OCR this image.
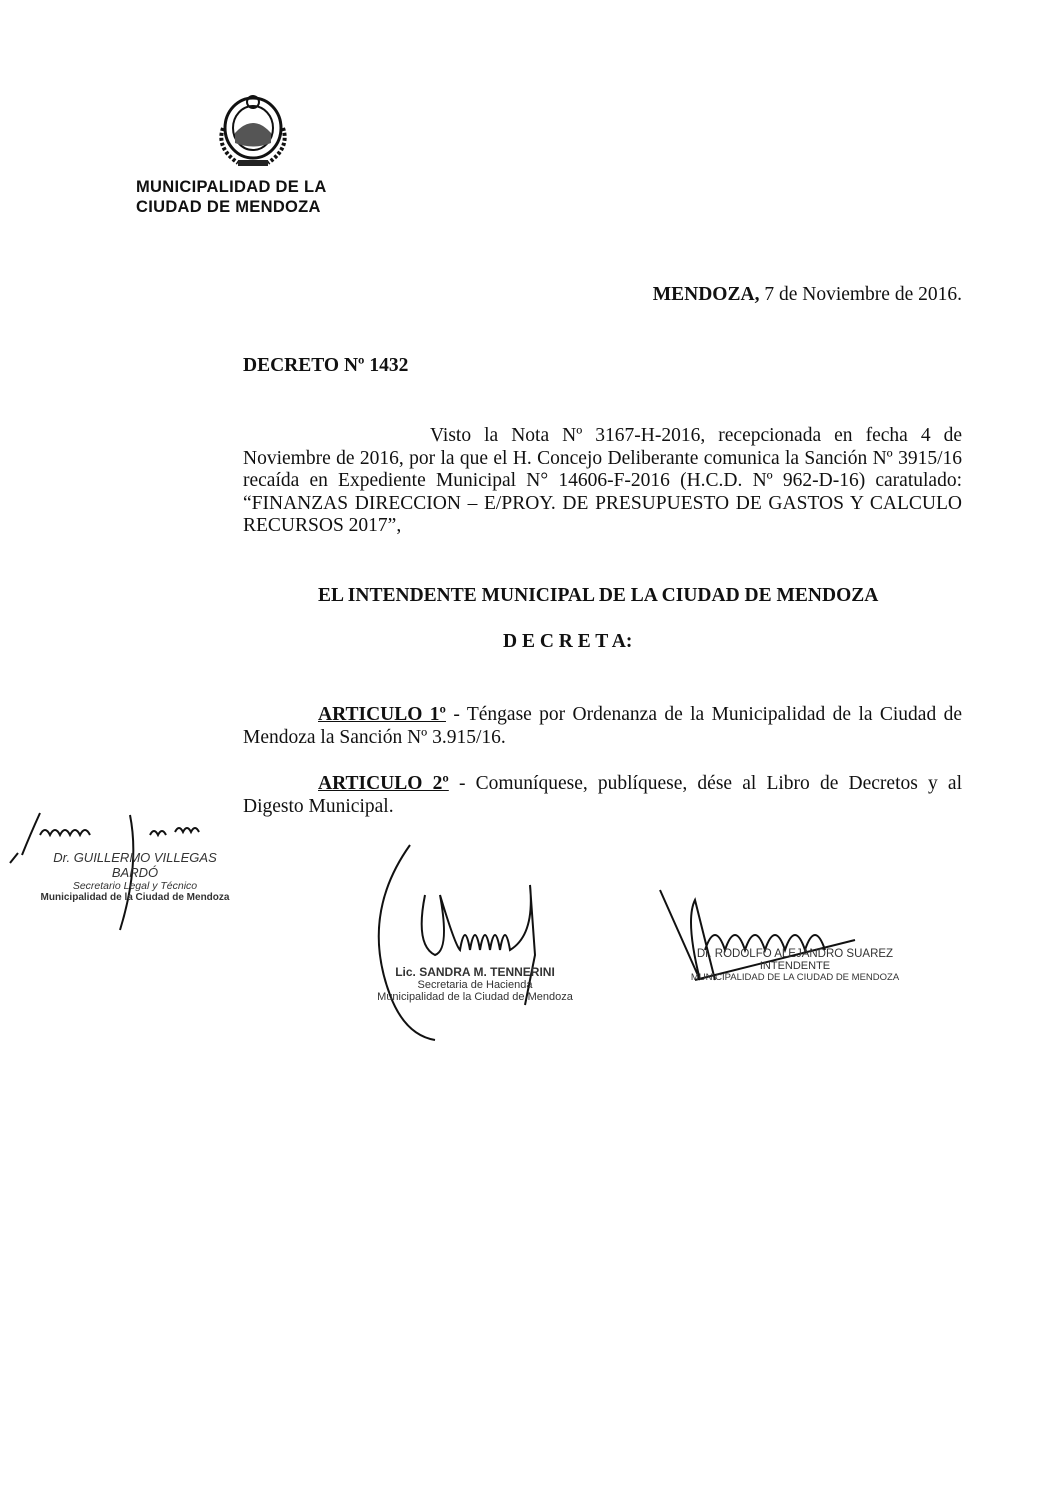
MUNICIPALIDAD DE LA
CIUDAD DE MENDOZA
MENDOZA, 7 de Noviembre de 2016.
DECRETO Nº 1432
Visto la Nota Nº 3167-H-2016, recepcionada en fecha 4 de Noviembre de 2016, por la que el H. Concejo Deliberante comunica la Sanción Nº 3915/16 recaída en Expediente Municipal N° 14606-F-2016 (H.C.D. Nº 962-D-16) caratulado: “FINANZAS DIRECCION – E/PROY. DE PRESUPUESTO DE GASTOS Y CALCULO RECURSOS 2017”,
EL INTENDENTE MUNICIPAL DE LA CIUDAD DE MENDOZA
D E C R E T A:
ARTICULO 1º - Téngase por Ordenanza de la Municipalidad de la Ciudad de Mendoza la Sanción Nº 3.915/16.
ARTICULO 2º - Comuníquese, publíquese, dése al Libro de Decretos y al Digesto Municipal.
Dr. GUILLERMO VILLEGAS BARDÓ
Secretario Legal y Técnico
Municipalidad de la Ciudad de Mendoza
Lic. SANDRA M. TENNERINI
Secretaria de Hacienda
Municipalidad de la Ciudad de Mendoza
Dr. RODOLFO ALEJANDRO SUAREZ
INTENDENTE
MUNICIPALIDAD DE LA CIUDAD DE MENDOZA
